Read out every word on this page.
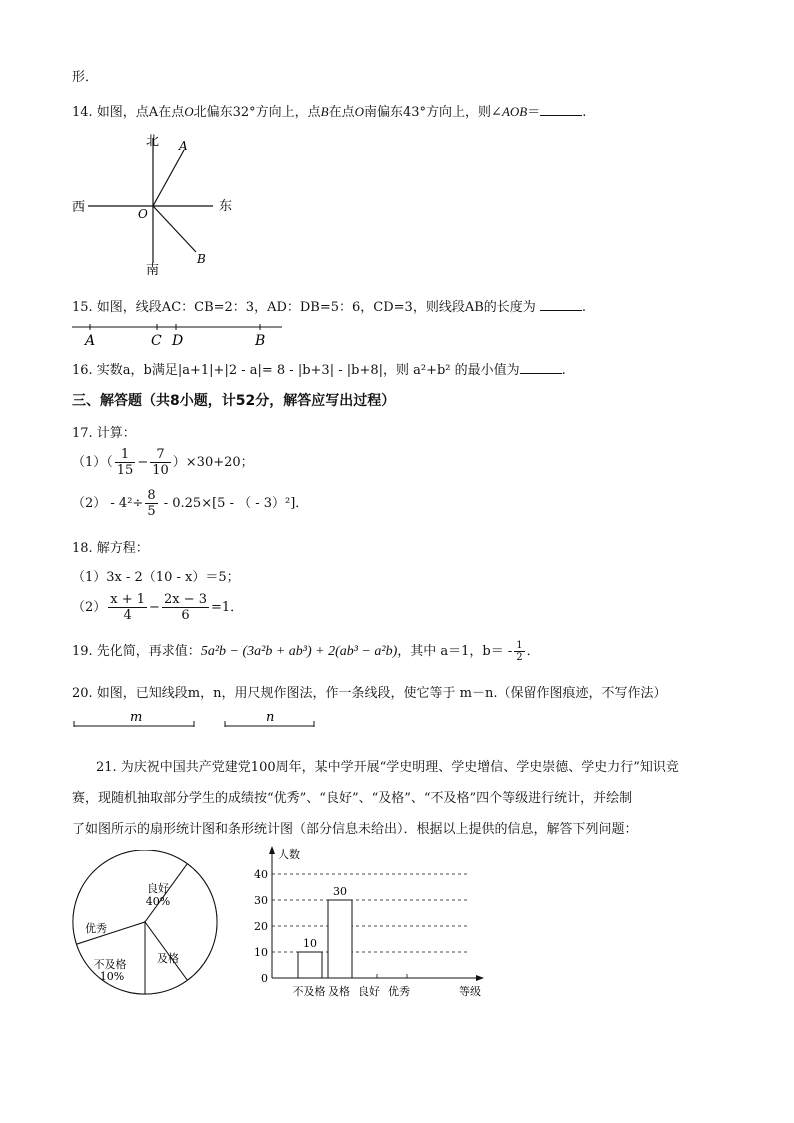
形．
14. 如图，点A在点O北偏东32°方向上，点B在点O南偏东43°方向上，则∠AOB＝	.
北
南
西	东
O
A
B
15. 如图，线段AC：CB=2：3，AD：DB=5：6，CD=3，则线段AB的长度为	.
A	C D	B
16. 实数a，b满足|a+1|+|2 - a|= 8 - |b+3| - |b+8|，则 a²+b² 的最小值为	.
三、解答题（共8小题，计52分，解答应写出过程）
17. 计算：
$(1)( \frac{1}{15} - \frac{7}{10} )\times 30+20$；
$(2) - 4^2\div \frac{8}{5} - 0.25\times[5$ - （ - 3）²]．
18. 解方程：
（1）3x - 2（10 - x）＝5；
$(2) \frac{x + 1}{4} - \frac{2x - 3}{6} =1$．
19. 先化简，再求值：5a²b − (3a²b + ab³) + 2(ab³ − a²b)，其中 a＝1，$b= - \frac{1}{2}$ ．
20. 如图，已知线段m，n，用尺规作图法，作一条线段，使它等于 m－n.（保留作图痕迹，不写作法）
m	n
21. 为庆祝中国共产党建党100周年，某中学开展“学史明理、学史增信、学史崇德、学史力行”知识竞
赛，现随机抽取部分学生的成绩按“优秀”、“良好”、“及格”、“不及格”四个等级进行统计，并绘制
了如图所示的扇形统计图和条形统计图（部分信息未给出）．根据以上提供的信息，解答下列问题：
良好
40%
及格
不及格
10%
优秀
人数
0
10
20
30
40
不及格
10
及格
30
良好 优秀	等级
